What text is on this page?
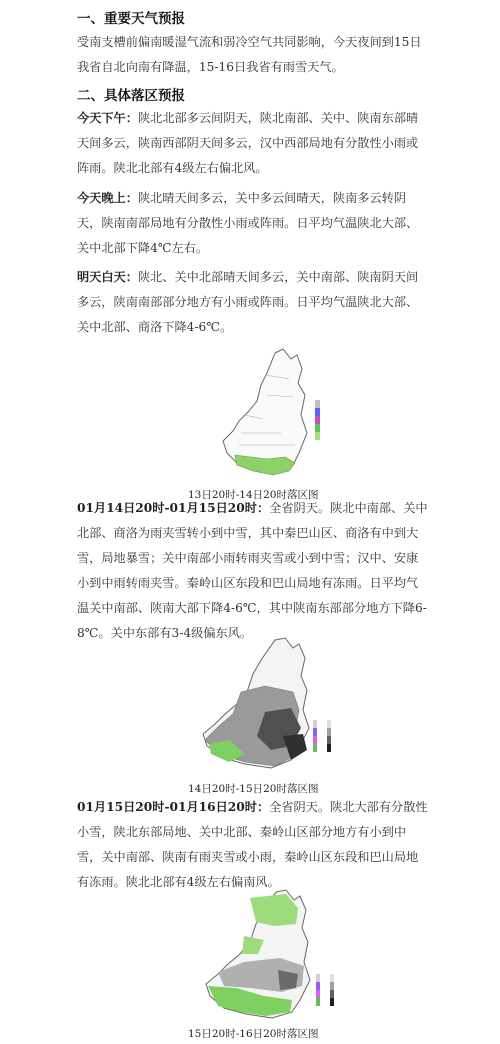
一、重要天气预报

受南支槽前偏南暖湿气流和弱冷空气共同影响，今天夜间到15日我省自北向南有降温，15-16日我省有雨雪天气。

二、具体落区预报

今天下午：陕北北部多云间阴天，陕北南部、关中、陕南东部晴天间多云，陕南西部阴天间多云，汉中西部局地有分散性小雨或阵雨。陕北北部有4级左右偏北风。

今天晚上：陕北晴天间多云，关中多云间晴天，陕南多云转阴天，陕南南部局地有分散性小雨或阵雨。日平均气温陕北大部、关中北部下降4℃左右。

明天白天：陕北、关中北部晴天间多云，关中南部、陕南阴天间多云，陕南南部部分地方有小雨或阵雨。日平均气温陕北大部、关中北部、商洛下降4-6℃。

13日20时-14日20时落区图

01月14日20时-01月15日20时：全省阴天。陕北中南部、关中北部、商洛为雨夹雪转小到中雪，其中秦巴山区、商洛有中到大雪，局地暴雪；关中南部小雨转雨夹雪或小到中雪；汉中、安康小到中雨转雨夹雪。秦岭山区东段和巴山局地有冻雨。日平均气温关中南部、陕南大部下降4-6℃，其中陕南东部部分地方下降6-8℃。关中东部有3-4级偏东风。

14日20时-15日20时落区图

01月15日20时-01月16日20时：全省阴天。陕北大部有分散性小雪，陕北东部局地、关中北部、秦岭山区部分地方有小到中雪，关中南部、陕南有雨夹雪或小雨，秦岭山区东段和巴山局地有冻雨。陕北北部有4级左右偏南风。

15日20时-16日20时落区图
